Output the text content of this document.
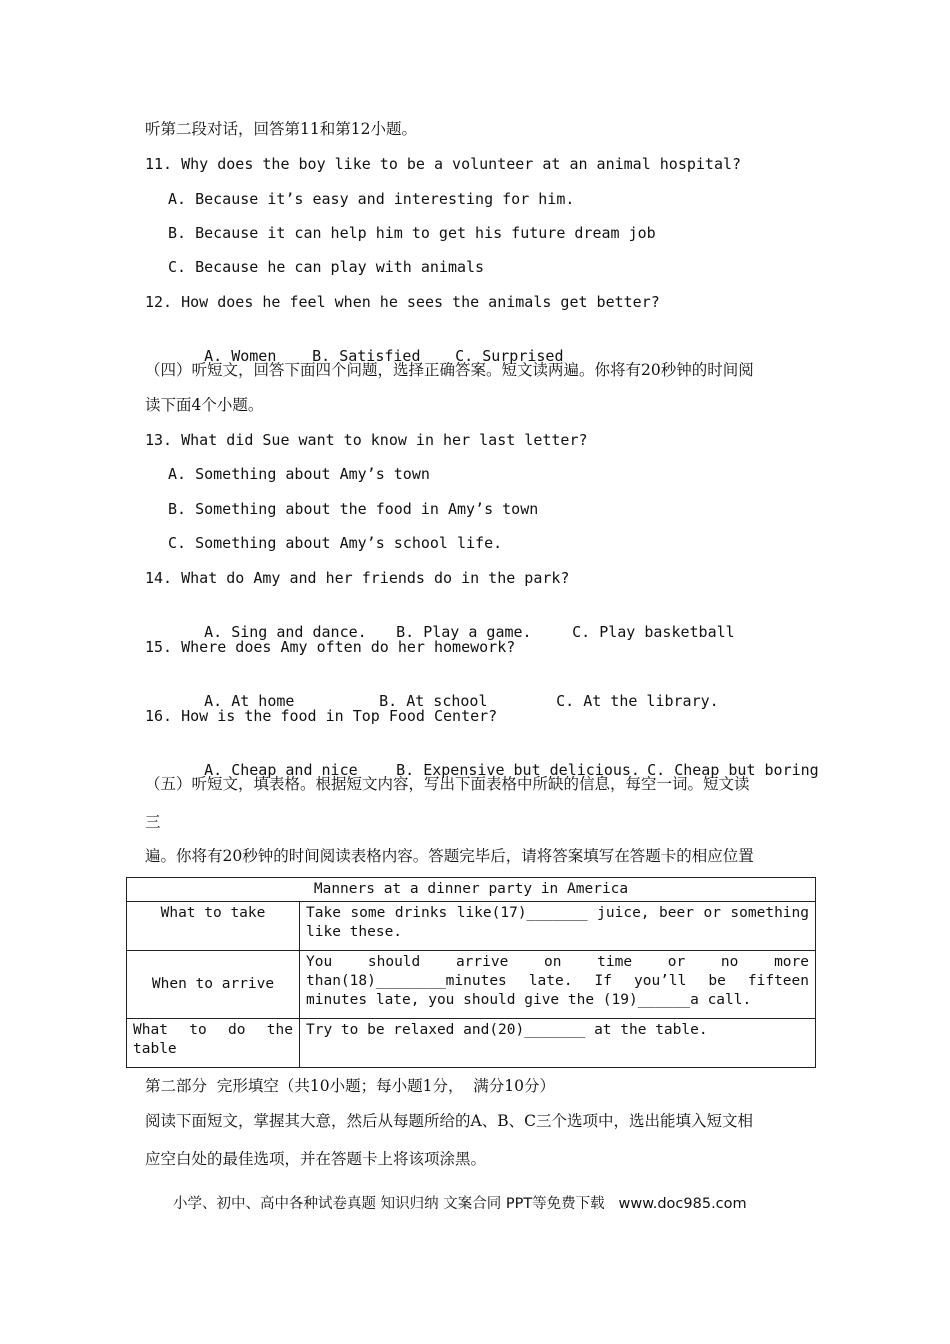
听第二段对话，回答第11和第12小题。
11. Why does the boy like to be a volunteer at an animal hospital?
A. Because it’s easy and interesting for him.
B. Because it can help him to get his future dream job
C. Because he can play with animals
12. How does he feel when he sees the animals get better?

A. Women B. Satisfied C. Surprised

（四）听短文，回答下面四个问题，选择正确答案。短文读两遍。你将有20秒钟的时间阅
读下面4个小题。
13. What did Sue want to know in her last letter?
A. Something about Amy’s town
B. Something about the food in Amy’s town
C. Something about Amy’s school life.
14. What do Amy and her friends do in the park?

A. Sing and dance. B. Play a game.	C. Play basketball

15. Where does Amy often do her homework?

A. At home	B. At school	C. At the library.

16. How is the food in Top Food Center?

A. Cheap and nice	B. Expensive but delicious. C. Cheap but boring

（五）听短文，填表格。根据短文内容，写出下面表格中所缺的信息，每空一词。短文读
三
遍。你将有20秒钟的时间阅读表格内容。答题完毕后，请将答案填写在答题卡的相应位置
Manners at a dinner party in America	
What to take	Take some drinks like(17)_______ juice, beer or something like these.
When to arrive	You should arrive on time or no more than(18)________minutes late. If you’ll be fifteen minutes late, you should give the (19)______a call.
What to do the table	Try to be relaxed and(20)_______ at the table.
第二部分  完形填空（共10小题；每小题1分，  满分10分）
阅读下面短文，掌握其大意，然后从每题所给的A、B、C三个选项中，选出能填入短文相
应空白处的最佳选项，并在答题卡上将该项涂黑。
小学、初中、高中各种试卷真题 知识归纳 文案合同 PPT等免费下载   www.doc985.com
